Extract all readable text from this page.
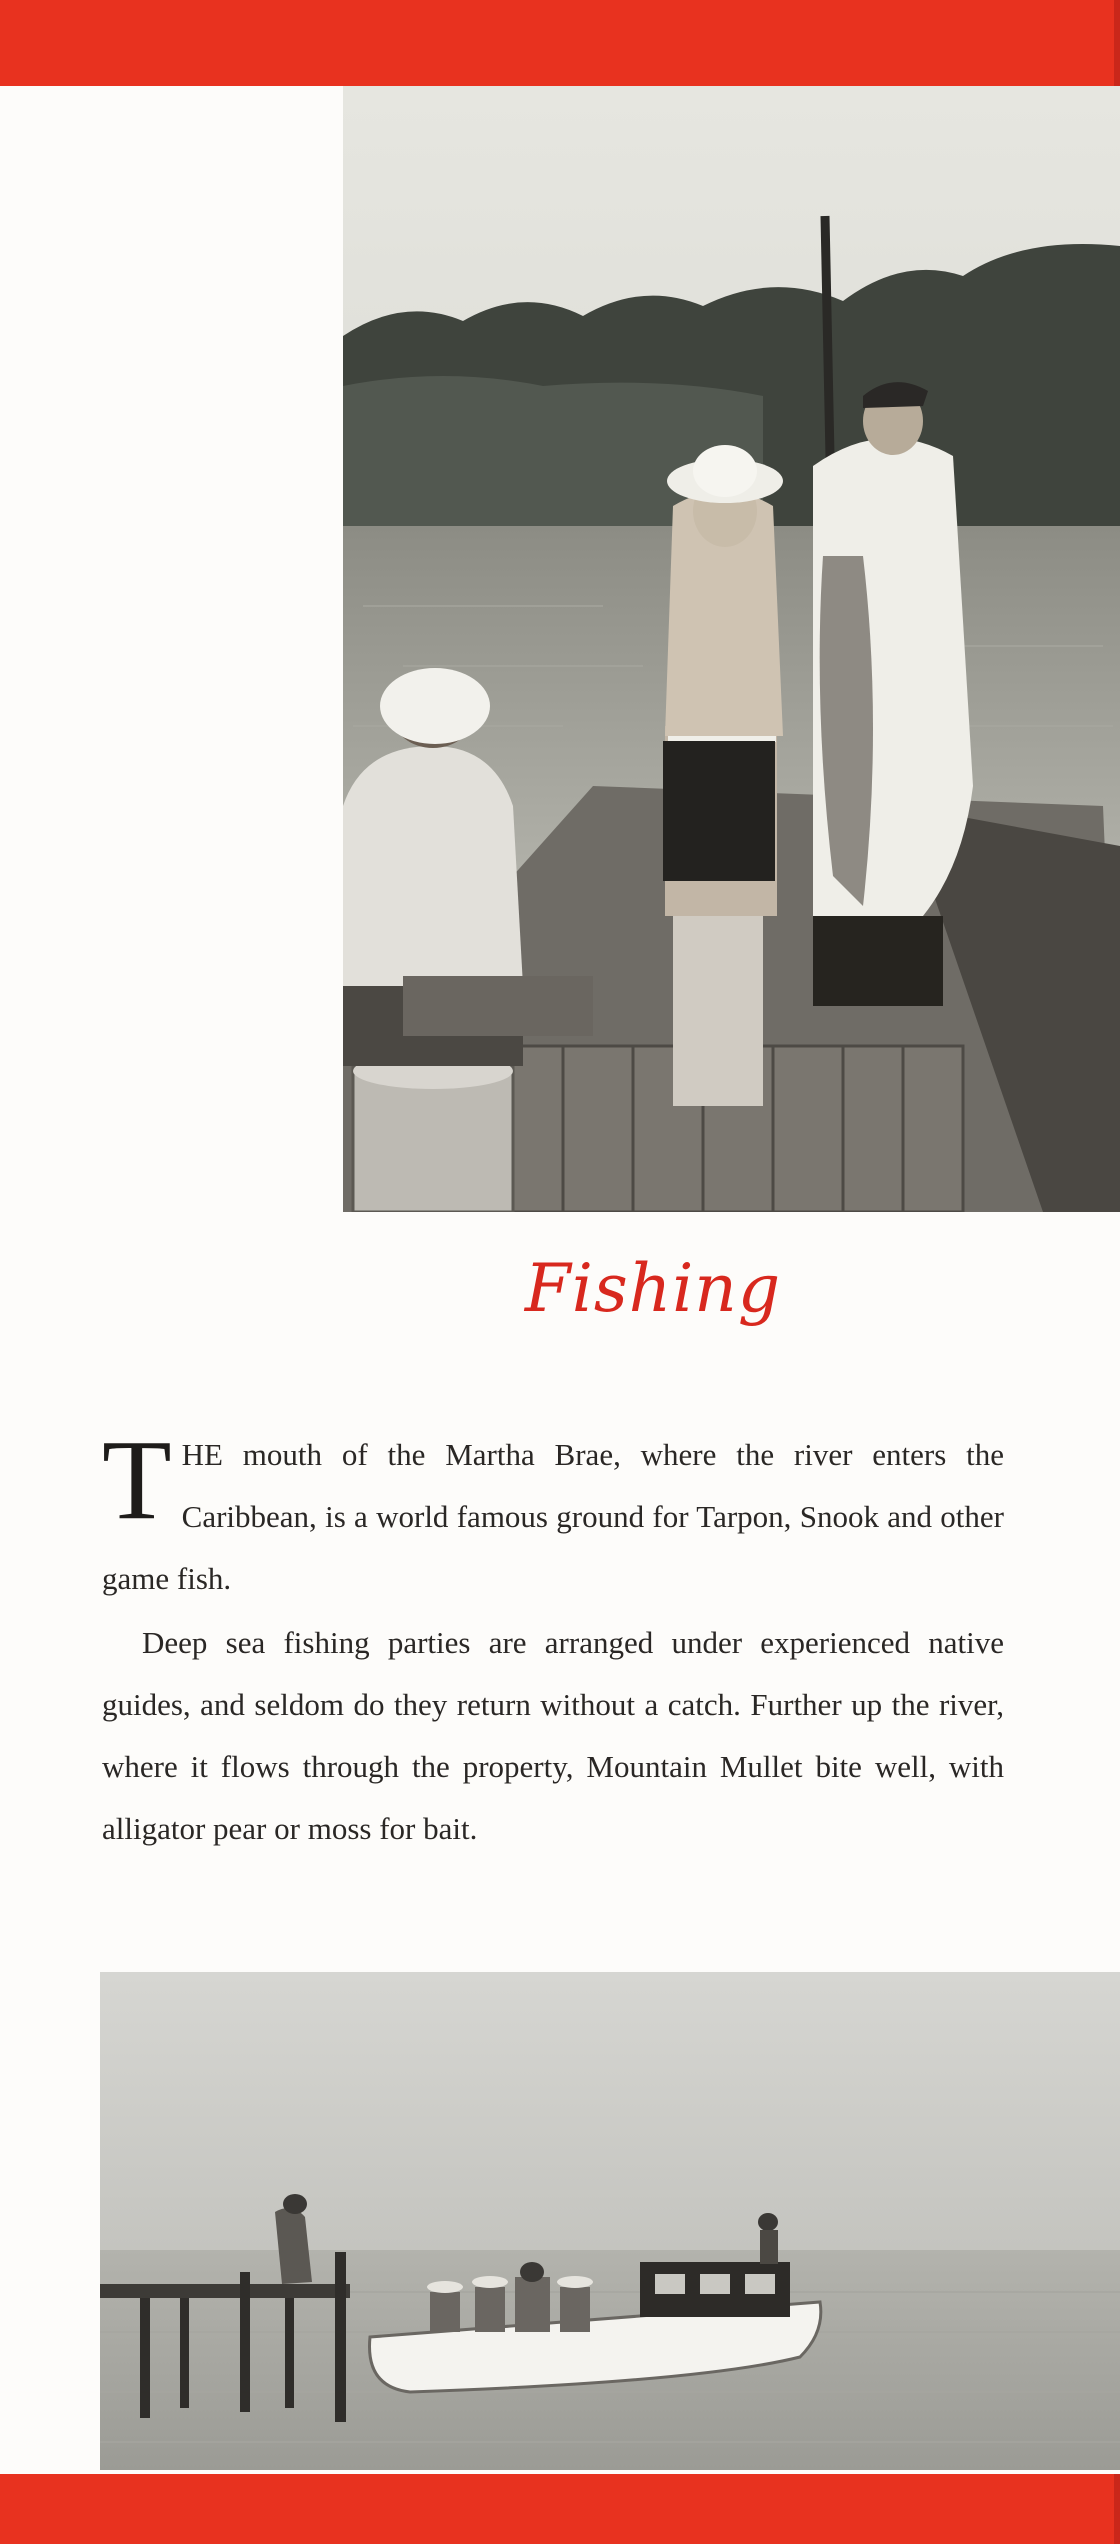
Fishing

T HE mouth of the Martha Brae, where the river enters the Caribbean, is a world famous ground for Tarpon, Snook and other game fish.

Deep sea fishing parties are arranged under experienced native guides, and seldom do they return without a catch. Further up the river, where it flows through the property, Mountain Mullet bite well, with alligator pear or moss for bait.
